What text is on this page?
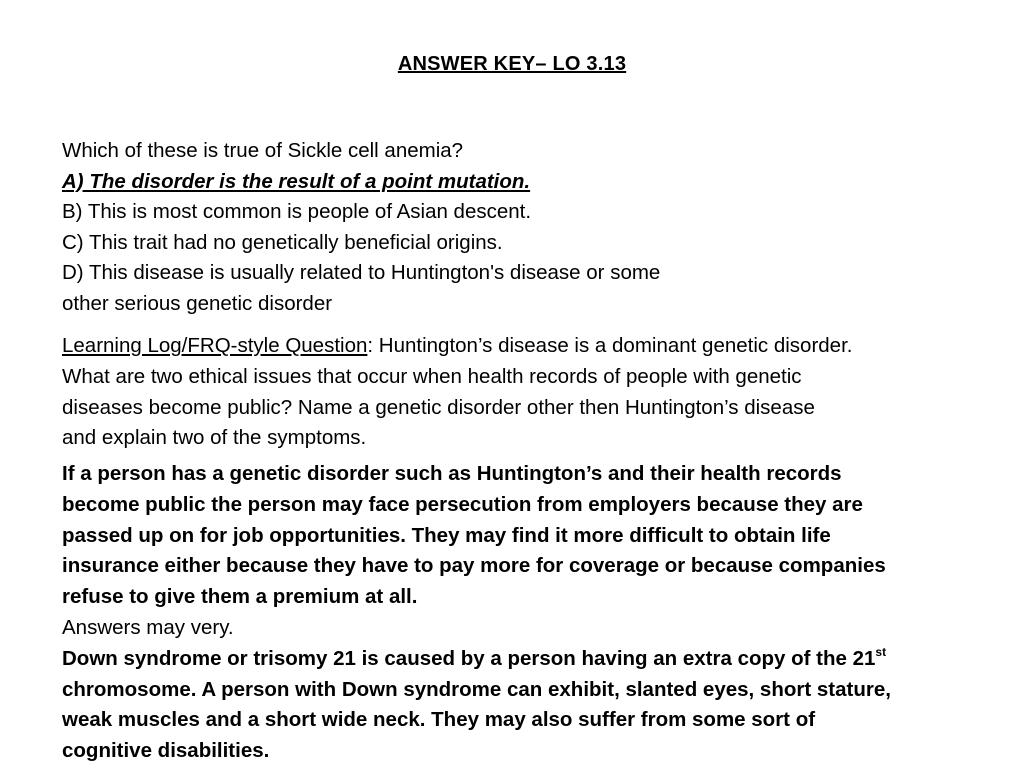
ANSWER KEY– LO 3.13
Which of these is true of Sickle cell anemia?
A) The disorder is the result of a point mutation.
B) This is most common is people of Asian descent.
C) This trait had no genetically beneficial origins.
D) This disease is usually related to Huntington's disease or some
other serious genetic disorder
Learning Log/FRQ-style Question: Huntington’s disease is a dominant genetic disorder.
What are two ethical issues that occur when health records of people with genetic
diseases become public? Name a genetic disorder other then Huntington’s disease
and explain two of the symptoms.
If a person has a genetic disorder such as Huntington’s and their health records
become public the person may face persecution from employers because they are
passed up on for job opportunities. They may find it more difficult to obtain life
insurance either because they have to pay more for coverage or because companies
refuse to give them a premium at all.
Answers may very.
Down syndrome or trisomy 21 is caused by a person having an extra copy of the 21st
chromosome. A person with Down syndrome can exhibit, slanted eyes, short stature,
weak muscles and a short wide neck. They may also suffer from some sort of
cognitive disabilities.
